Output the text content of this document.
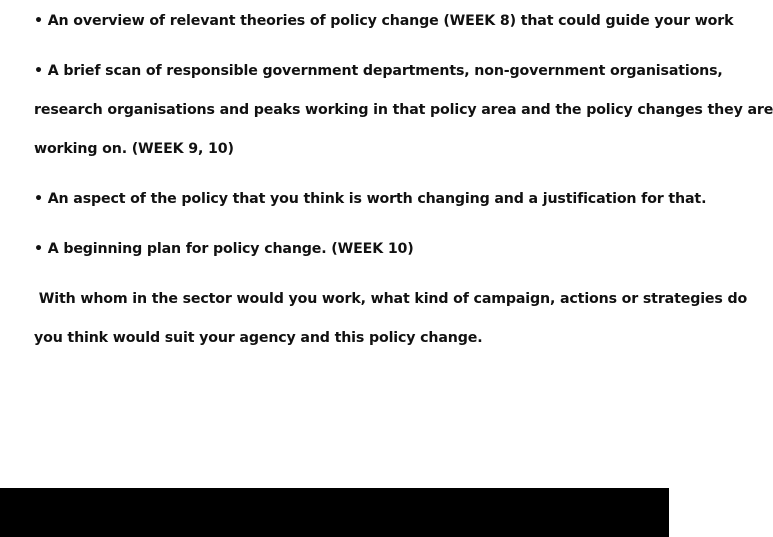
• An overview of relevant theories of policy change (WEEK 8) that could guide your work
• A brief scan of responsible government departments, non-government organisations,
research organisations and peaks working in that policy area and the policy changes they are
working on. (WEEK 9, 10)
• An aspect of the policy that you think is worth changing and a justification for that.
• A beginning plan for policy change. (WEEK 10)
With whom in the sector would you work, what kind of campaign, actions or strategies do
you think would suit your agency and this policy change.
